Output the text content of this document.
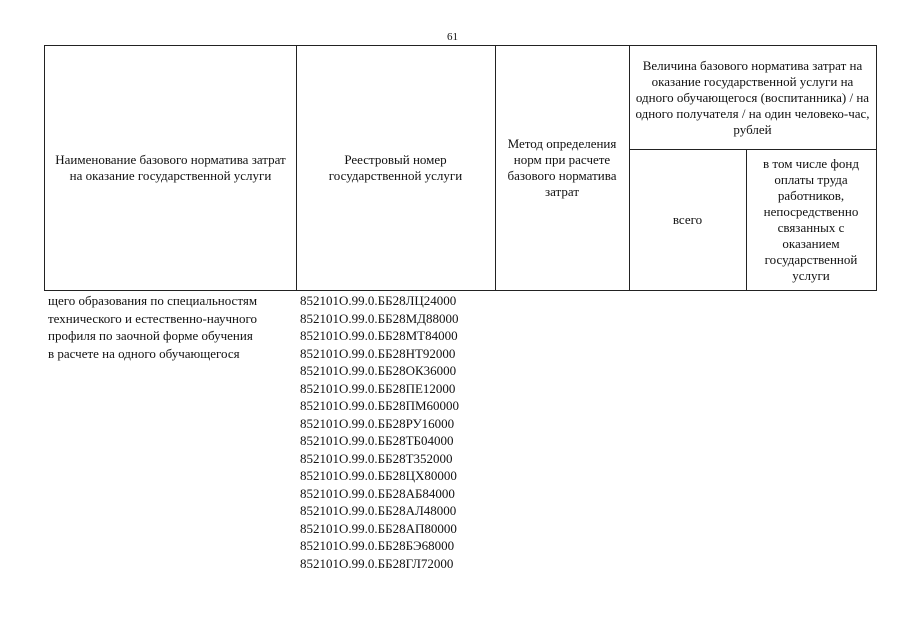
61
Наименование базового норматива затрат на оказание государственной услуги
Реестровый номер государственной услуги
Метод определения норм при расчете базового норматива затрат
Величина базового норматива затрат на оказание государственной услуги на одного обучающегося (воспитанника) / на одного получателя / на один человеко-час, рублей
всего
в том числе фонд оплаты труда работников, непосредственно связанных с оказанием государственной услуги
щего образования по специальностям
технического и естественно-научного
профиля по заочной форме обучения
в расчете на одного обучающегося
852101О.99.0.ББ28ЛЦ24000
852101О.99.0.ББ28МД88000
852101О.99.0.ББ28МТ84000
852101О.99.0.ББ28НТ92000
852101О.99.0.ББ28ОК36000
852101О.99.0.ББ28ПЕ12000
852101О.99.0.ББ28ПМ60000
852101О.99.0.ББ28РУ16000
852101О.99.0.ББ28ТБ04000
852101О.99.0.ББ28Т352000
852101О.99.0.ББ28ЦХ80000
852101О.99.0.ББ28АБ84000
852101О.99.0.ББ28АЛ48000
852101О.99.0.ББ28АП80000
852101О.99.0.ББ28БЭ68000
852101О.99.0.ББ28ГЛ72000
